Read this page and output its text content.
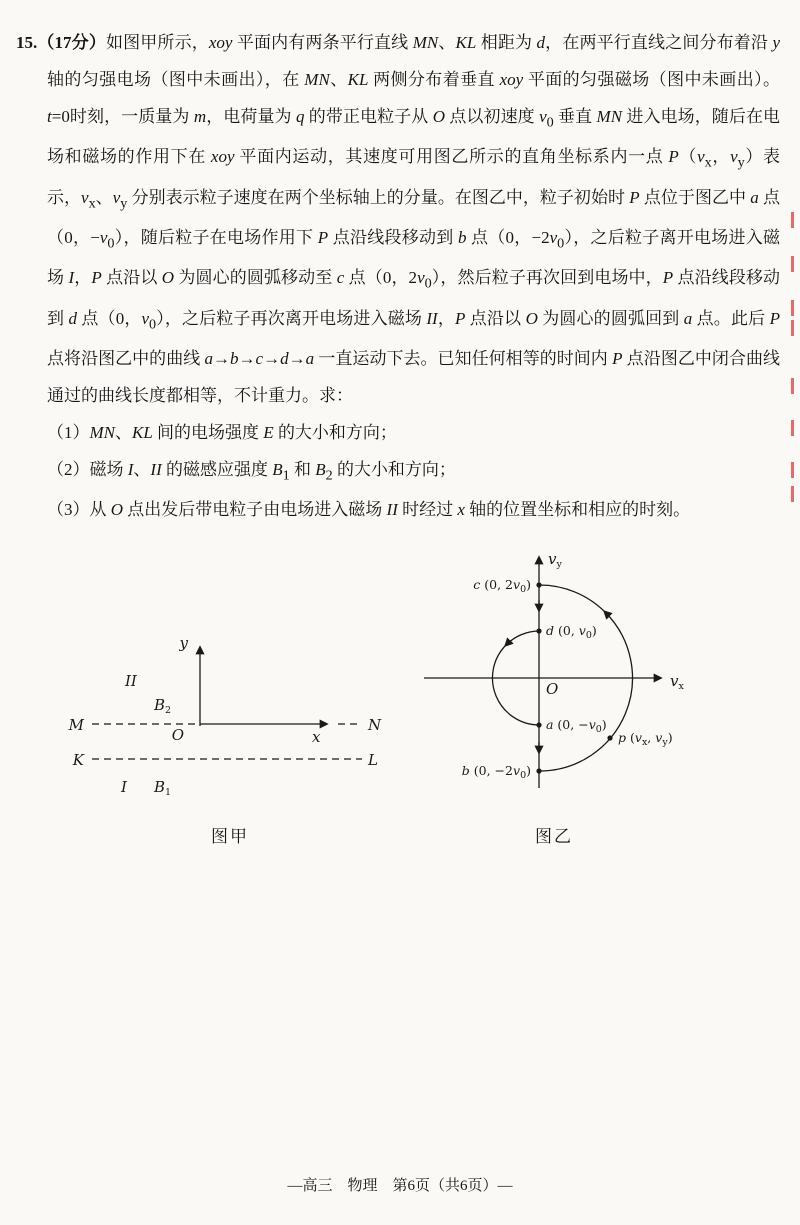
15.（17分）如图甲所示，xoy 平面内有两条平行直线 MN、KL 相距为 d，在两平行直线之间分布着沿 y 轴的匀强电场（图中未画出），在 MN、KL 两侧分布着垂直 xoy 平面的匀强磁场（图中未画出）。t=0时刻，一质量为 m，电荷量为 q 的带正电粒子从 O 点以初速度 $v_0$ 垂直 MN 进入电场，随后在电场和磁场的作用下在 xoy 平面内运动，其速度可用图乙所示的直角坐标系内一点 $P(v_x$，$v_y$）表示，$v_x$、$v_y$ 分别表示粒子速度在两个坐标轴上的分量。在图乙中，粒子初始时 P 点位于图乙中 a 点（0，$-v_0$），随后粒子在电场作用下 P 点沿线段移动到 b 点（0，$-2v_0$），之后粒子离开电场进入磁场 I，P 点沿以 O 为圆心的圆弧移动至 c 点（0，$2v_0$），然后粒子再次回到电场中，P 点沿线段移动到 d 点（0，$v_0$），之后粒子再次离开电场进入磁场 II，P 点沿以 O 为圆心的圆弧回到 a 点。此后 P 点将沿图乙中的曲线 a→b→c→d→a 一直运动下去。已知任何相等的时间内 P 点沿图乙中闭合曲线通过的曲线长度都相等，不计重力。求：

（1）MN、KL 间的电场强度 E 的大小和方向；

（2）磁场 I、II 的磁感应强度 $B_1$ 和 $B_2$ 的大小和方向；

（3）从 O 点出发后带电粒子由电场进入磁场 II 时经过 x 轴的位置坐标和相应的时刻。

y
M	N
x
O
K	L
II
$B_2$
I $B_1$
图甲
$v_y$
$v_x$
O
c (0, $2v_0$)
d (0, $v_0$)
a (0, $-v_0$)
b (0, $-2v_0$)
p ($v_x$, $v_y$)
图乙
—高三　物理　第6页（共6页）—
